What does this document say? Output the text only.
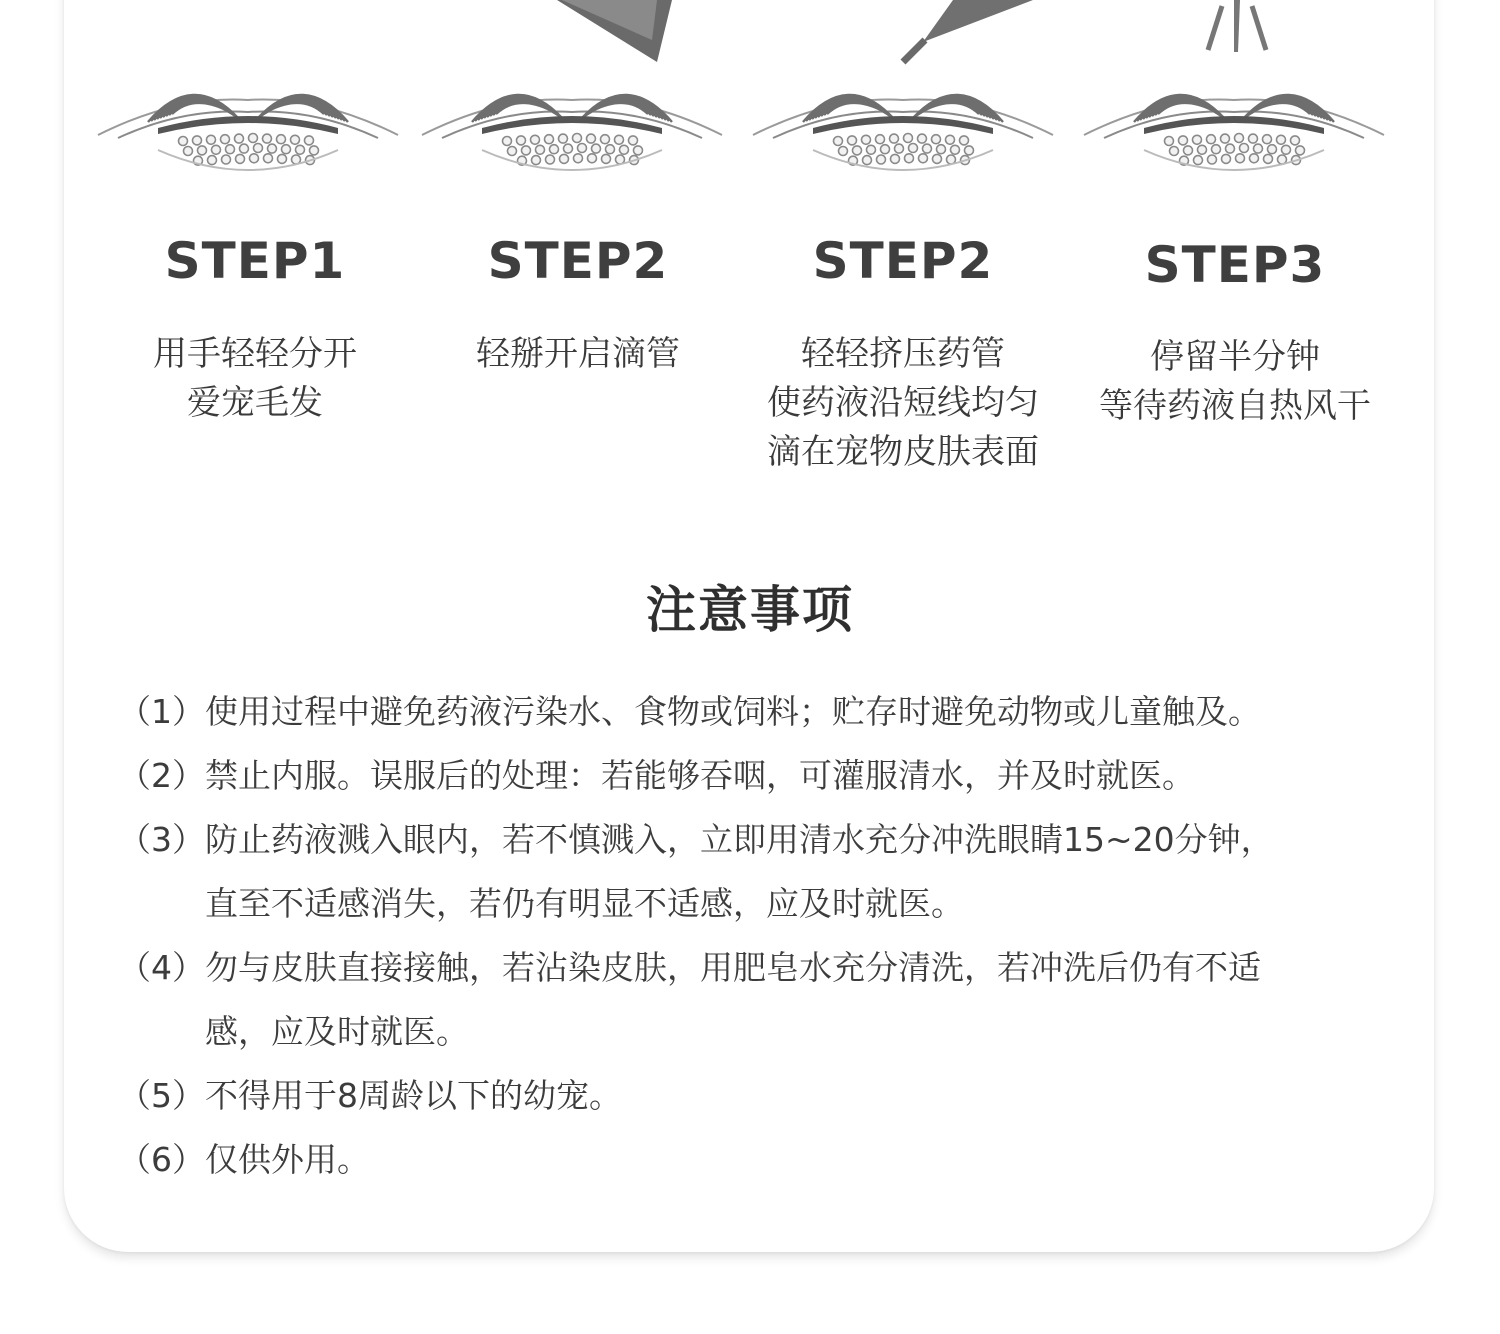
STEP1
用手轻轻分开
爱宠毛发
STEP2
轻掰开启滴管
STEP2
轻轻挤压药管
使药液沿短线均匀
滴在宠物皮肤表面
STEP3
停留半分钟
等待药液自热风干
注意事项
（1） 使用过程中避免药液污染水、食物或饲料；贮存时避免动物或儿童触及。
（2） 禁止内服。误服后的处理：若能够吞咽，可灌服清水，并及时就医。
（3） 防止药液溅入眼内，若不慎溅入，立即用清水充分冲洗眼睛15~20分钟，
直至不适感消失，若仍有明显不适感，应及时就医。
（4） 勿与皮肤直接接触，若沾染皮肤，用肥皂水充分清洗，若冲洗后仍有不适
感，应及时就医。
（5） 不得用于8周龄以下的幼宠。
（6） 仅供外用。
